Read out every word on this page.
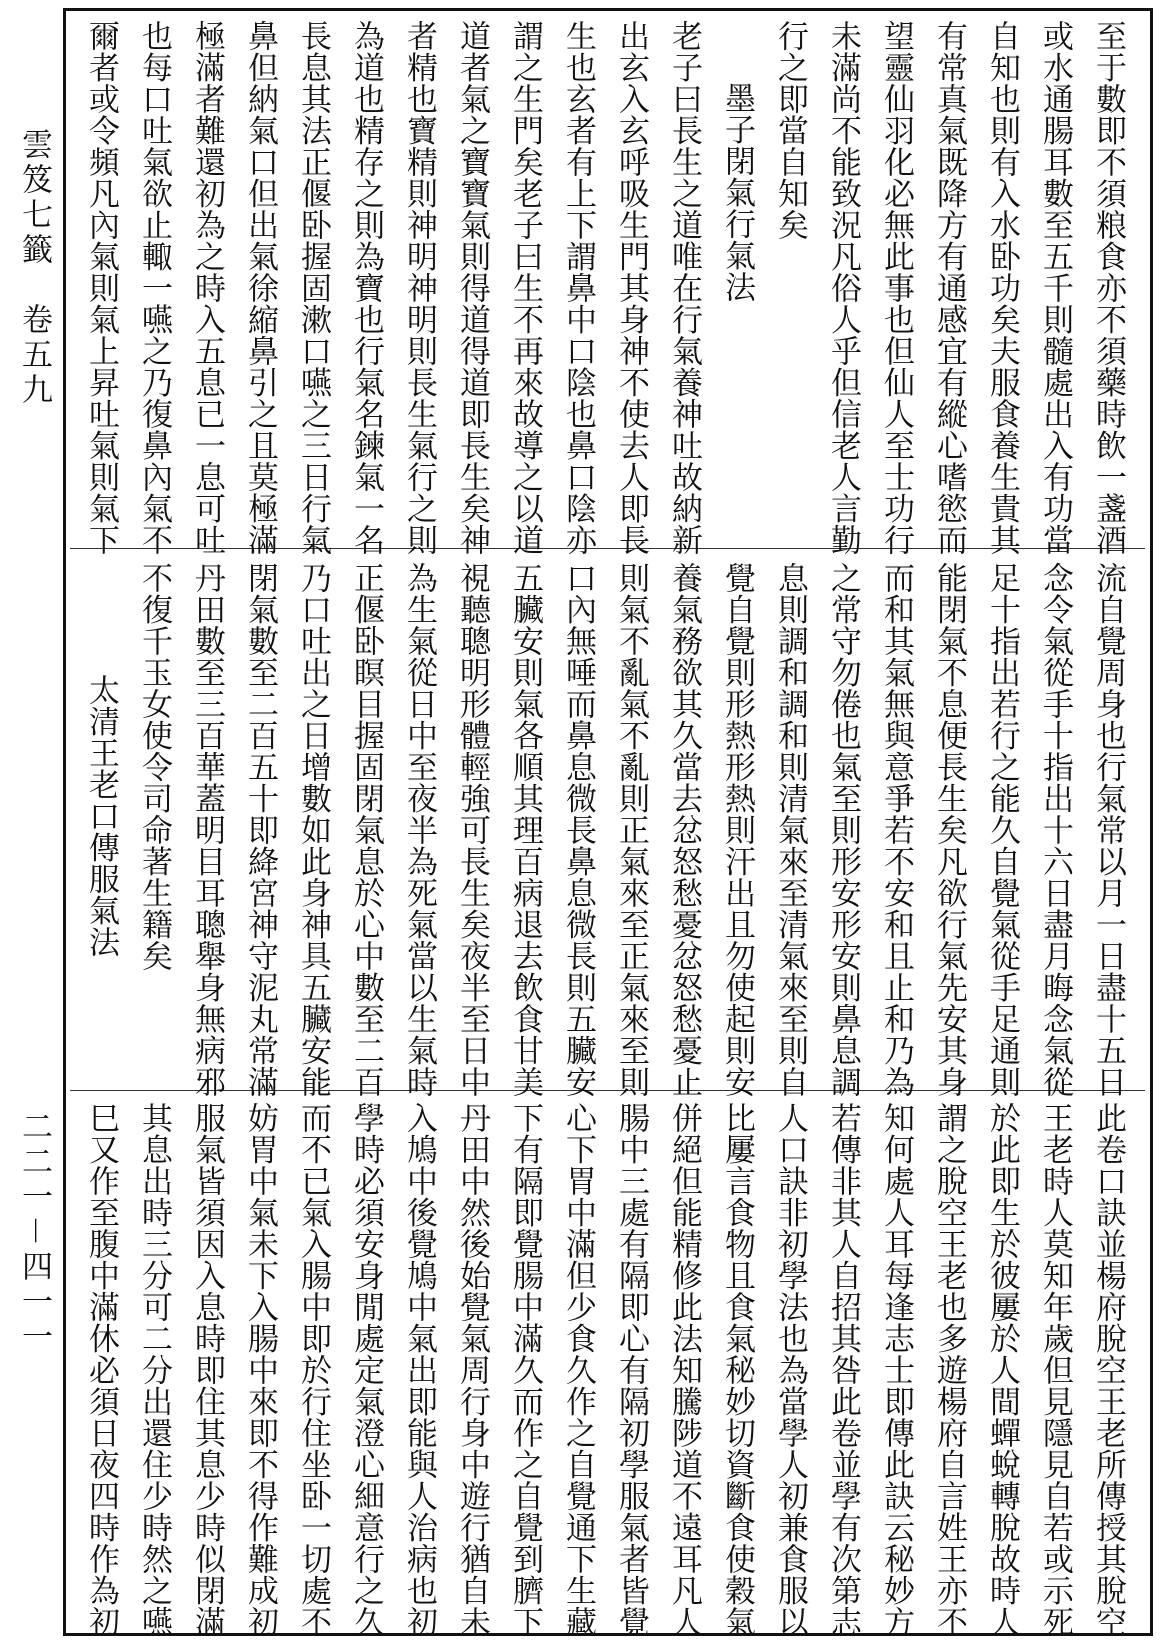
雲笈七籤　卷五九
二二一－四一一
至于數即不須粮食亦不須藥時飲一盞酒
或水通腸耳數至五千則髓處出入有功當
自知也則有入水卧功矣夫服食養生貴其
有常真氣既降方有通感宜有縱心嗜慾而
望靈仙羽化必無此事也但仙人至士功行
未滿尚不能致況凡俗人乎但信老人言勤
行之即當自知矣
墨子閉氣行氣法
老子曰長生之道唯在行氣養神吐故納新
出玄入玄呼吸生門其身神不使去人即長
生也玄者有上下謂鼻中口陰也鼻口陰亦
謂之生門矣老子曰生不再來故導之以道
道者氣之寶寶氣則得道得道即長生矣神
者精也寶精則神明神明則長生氣行之則
為道也精存之則為寶也行氣名鍊氣一名
長息其法正偃卧握固漱口嚥之三日行氣
鼻但納氣口但出氣徐縮鼻引之且莫極滿
極滿者難還初為之時入五息已一息可吐
也每口吐氣欲止輙一嚥之乃復鼻內氣不
爾者或令頻凡內氣則氣上昇吐氣則氣下
流自覺周身也行氣常以月一日盡十五日
念令氣從手十指出十六日盡月晦念氣從
足十指出若行之能久自覺氣從手足通則
能閉氣不息便長生矣凡欲行氣先安其身
而和其氣無與意爭若不安和且止和乃為
之常守勿倦也氣至則形安形安則鼻息調
息則調和調和則清氣來至清氣來至則自
覺自覺則形熱形熱則汗出且勿使起則安
養氣務欲其久當去忿怒愁憂忿怒愁憂止
則氣不亂氣不亂則正氣來至正氣來至則
口內無唾而鼻息微長鼻息微長則五臟安
五臟安則氣各順其理百病退去飲食甘美
視聽聰明形體輕強可長生矣夜半至日中
為生氣從日中至夜半為死氣當以生氣時
正偃卧瞑目握固閉氣息於心中數至二百
乃口吐出之日增數如此身神具五臟安能
閉氣數至二百五十即絳宮神守泥丸常滿
丹田數至三百華蓋明目耳聰舉身無病邪
不復千玉女使令司命著生籍矣
太清王老口傳服氣法
此卷口訣並楊府脫空王老所傳授其脫空
王老時人莫知年歲但見隱見自若或示死
於此即生於彼屢於人間蟬蛻轉脫故時人
謂之脫空王老也多遊楊府自言姓王亦不
知何處人耳每逢志士即傳此訣云秘妙方
若傳非其人自招其咎此卷並學有次第志
人口訣非初學法也為當學人初兼食服以
比屢言食物且食氣秘妙切資斷食使穀氣
併絕但能精修此法知騰陟道不遠耳凡人
腸中三處有隔即心有隔初學服氣者皆覺
心下胃中滿但少食久作之自覺通下生藏
下有隔即覺腸中滿久而作之自覺到臍下
丹田中然後始覺氣周行身中遊行猶自未
入鳩中後覺鳩中氣出即能與人治病也初
學時必須安身閒處定氣澄心細意行之久
而不已氣入腸中即於行住坐卧一切處不
妨胃中氣未下入腸中來即不得作難成初
服氣皆須因入息時即住其息少時似閉滿
其息出時三分可二分出還住少時然之嚥
巳又作至腹中滿休必須日夜四時作為初
